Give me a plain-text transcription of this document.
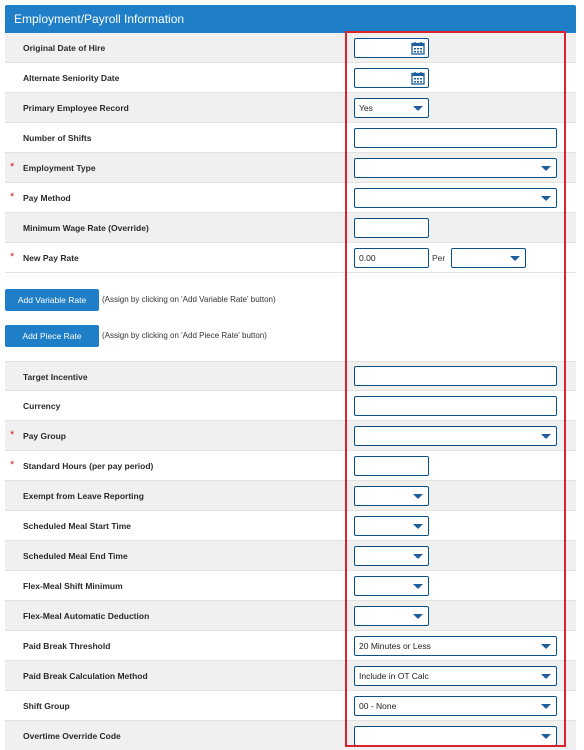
Employment/Payroll Information
Original Date of Hire
Alternate Seniority Date
Primary Employee Record	Yes
Number of Shifts
* Employment Type
* Pay Method
Minimum Wage Rate (Override)
* New Pay Rate	0.00	Per
Add Variable Rate	(Assign by clicking on 'Add Variable Rate' button)
Add Piece Rate	(Assign by clicking on 'Add Piece Rate' button)
Target Incentive
Currency
* Pay Group
* Standard Hours (per pay period)
Exempt from Leave Reporting
Scheduled Meal Start Time
Scheduled Meal End Time
Flex-Meal Shift Minimum
Flex-Meal Automatic Deduction
Paid Break Threshold	20 Minutes or Less
Paid Break Calculation Method	Include in OT Calc
Shift Group	00 - None
Overtime Override Code
